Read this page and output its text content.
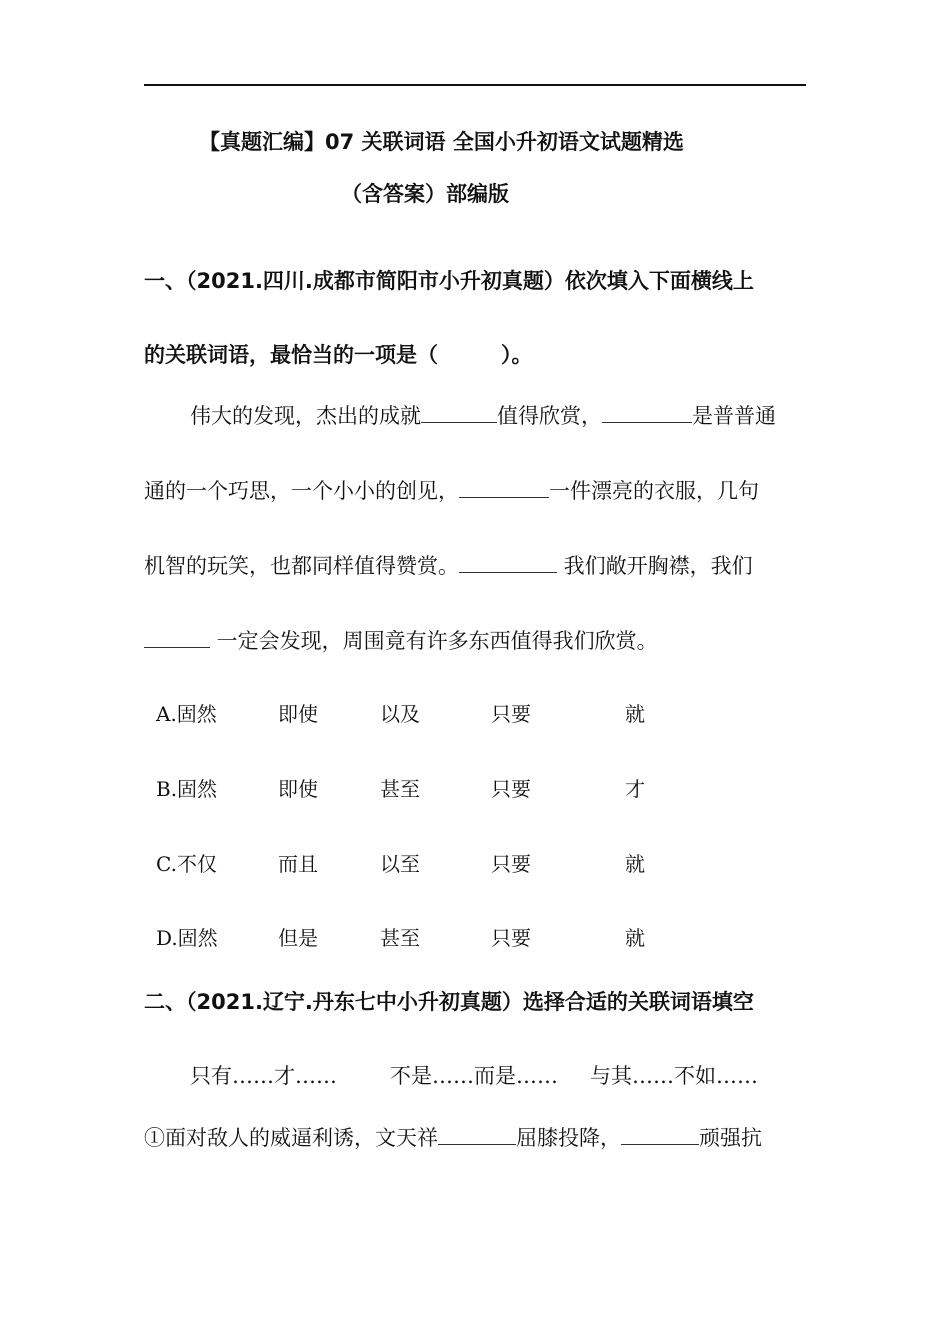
【真题汇编】07 关联词语 全国小升初语文试题精选
（含答案）部编版
一、（2021.四川.成都市简阳市小升初真题）依次填入下面横线上
的关联词语，最恰当的一项是（　　　）。
伟大的发现，杰出的成就	值得欣赏，	是普普通
通的一个巧思，一个小小的创见，	一件漂亮的衣服，几句
机智的玩笑，也都同样值得赞赏。	我们敞开胸襟，我们
一定会发现，周围竟有许多东西值得我们欣赏。
A.固然	即使	以及	只要	就
B.固然	即使	甚至	只要	才
C.不仅	而且	以至	只要	就
D.固然	但是	甚至	只要	就
二、（2021.辽宁.丹东七中小升初真题）选择合适的关联词语填空
只有……才……	不是……而是…… 与其……不如……
①面对敌人的威逼利诱，文天祥	屈膝投降，	顽强抗
